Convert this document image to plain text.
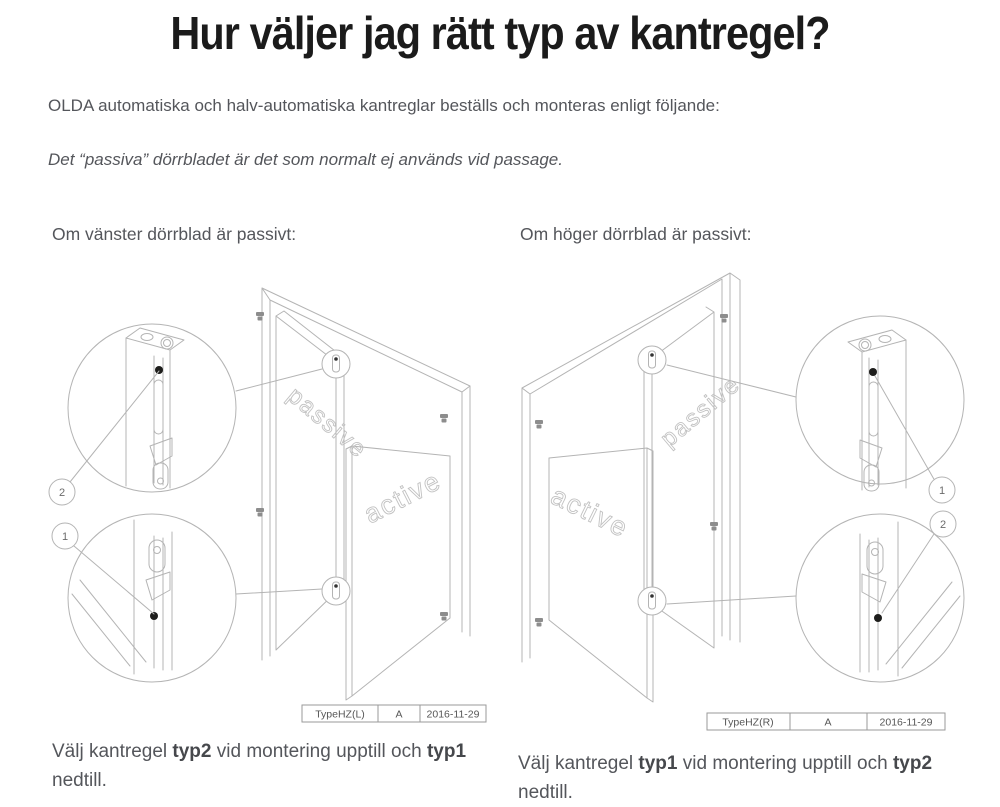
Hur väljer jag rätt typ av kantregel?

OLDA automatiska och halv-automatiska kantreglar beställs och monteras enligt följande:

Det “passiva” dörrbladet är det som normalt ej används vid passage.

Om vänster dörrblad är passivt:	Om höger dörrblad är passivt:
passive
active
2
1
TypeHZ(L)	A 2016-11-29
passive
active	1
2
TypeHZ(R)	A	2016-11-29

Välj kantregel typ2 vid montering upptill och typ1 nedtill.

Välj kantregel typ1 vid montering upptill och typ2 nedtill.
